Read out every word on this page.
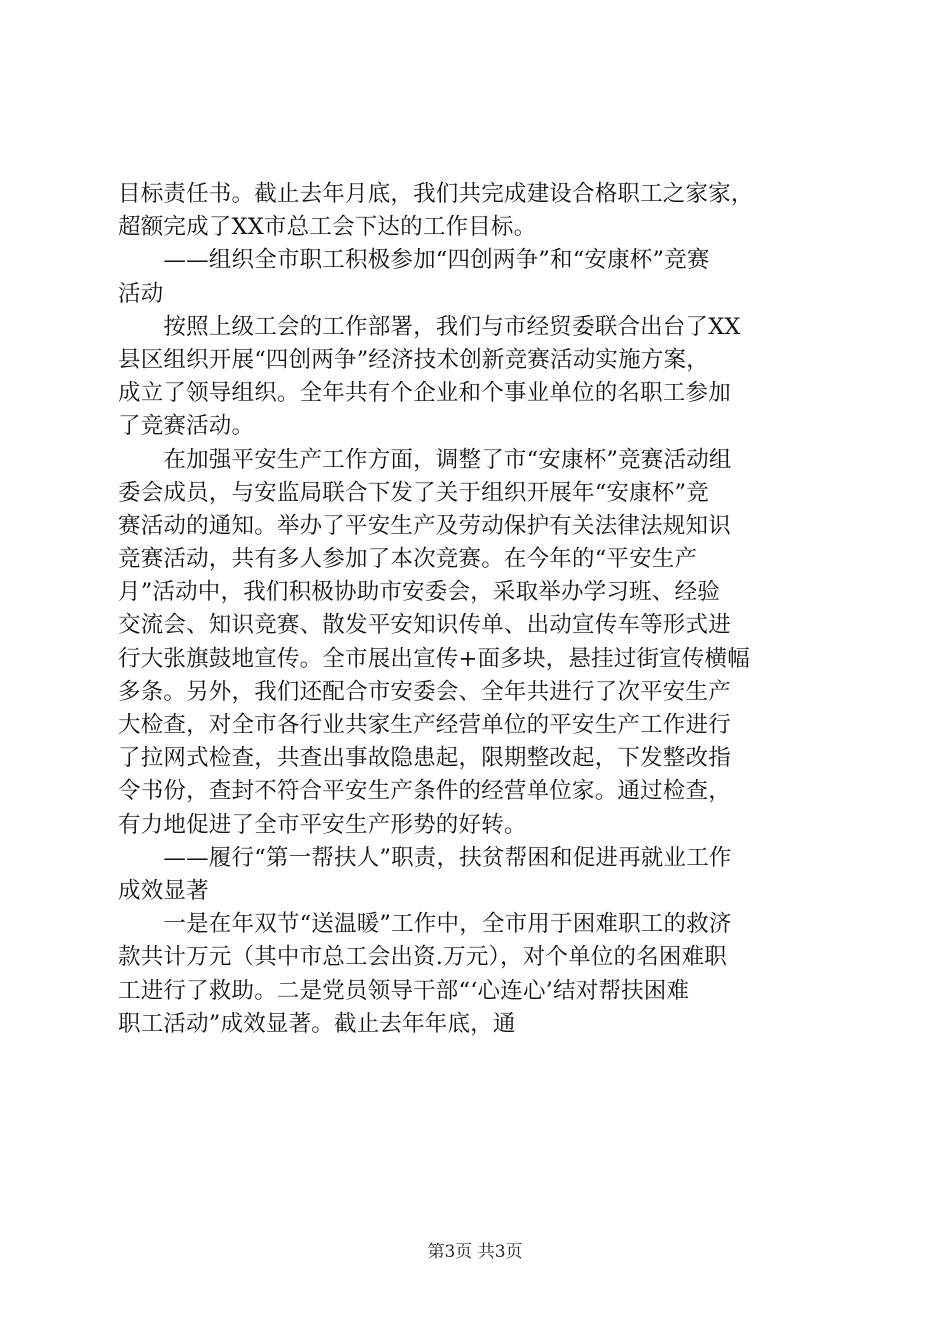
目标责任书。截止去年月底，我们共完成建设合格职工之家家，
超额完成了XX市总工会下达的工作目标。
　　——组织全市职工积极参加“四创两争”和“安康杯”竞赛
活动
　　按照上级工会的工作部署，我们与市经贸委联合出台了XX
县区组织开展“四创两争”经济技术创新竞赛活动实施方案，
成立了领导组织。全年共有个企业和个事业单位的名职工参加
了竞赛活动。
　　在加强平安生产工作方面，调整了市“安康杯”竞赛活动组
委会成员，与安监局联合下发了关于组织开展年“安康杯”竞
赛活动的通知。举办了平安生产及劳动保护有关法律法规知识
竞赛活动，共有多人参加了本次竞赛。在今年的“平安生产
月”活动中，我们积极协助市安委会，采取举办学习班、经验
交流会、知识竞赛、散发平安知识传单、出动宣传车等形式进
行大张旗鼓地宣传。全市展出宣传+面多块，悬挂过街宣传横幅
多条。另外，我们还配合市安委会、全年共进行了次平安生产
大检查，对全市各行业共家生产经营单位的平安生产工作进行
了拉网式检查，共查出事故隐患起，限期整改起，下发整改指
令书份，查封不符合平安生产条件的经营单位家。通过检查，
有力地促进了全市平安生产形势的好转。
　　——履行“第一帮扶人”职责，扶贫帮困和促进再就业工作
成效显著
　　一是在年双节“送温暖”工作中，全市用于困难职工的救济
款共计万元（其中市总工会出资.万元），对个单位的名困难职
工进行了救助。二是党员领导干部“‘心连心’结对帮扶困难
职工活动”成效显著。截止去年年底，通
第3页 共3页
